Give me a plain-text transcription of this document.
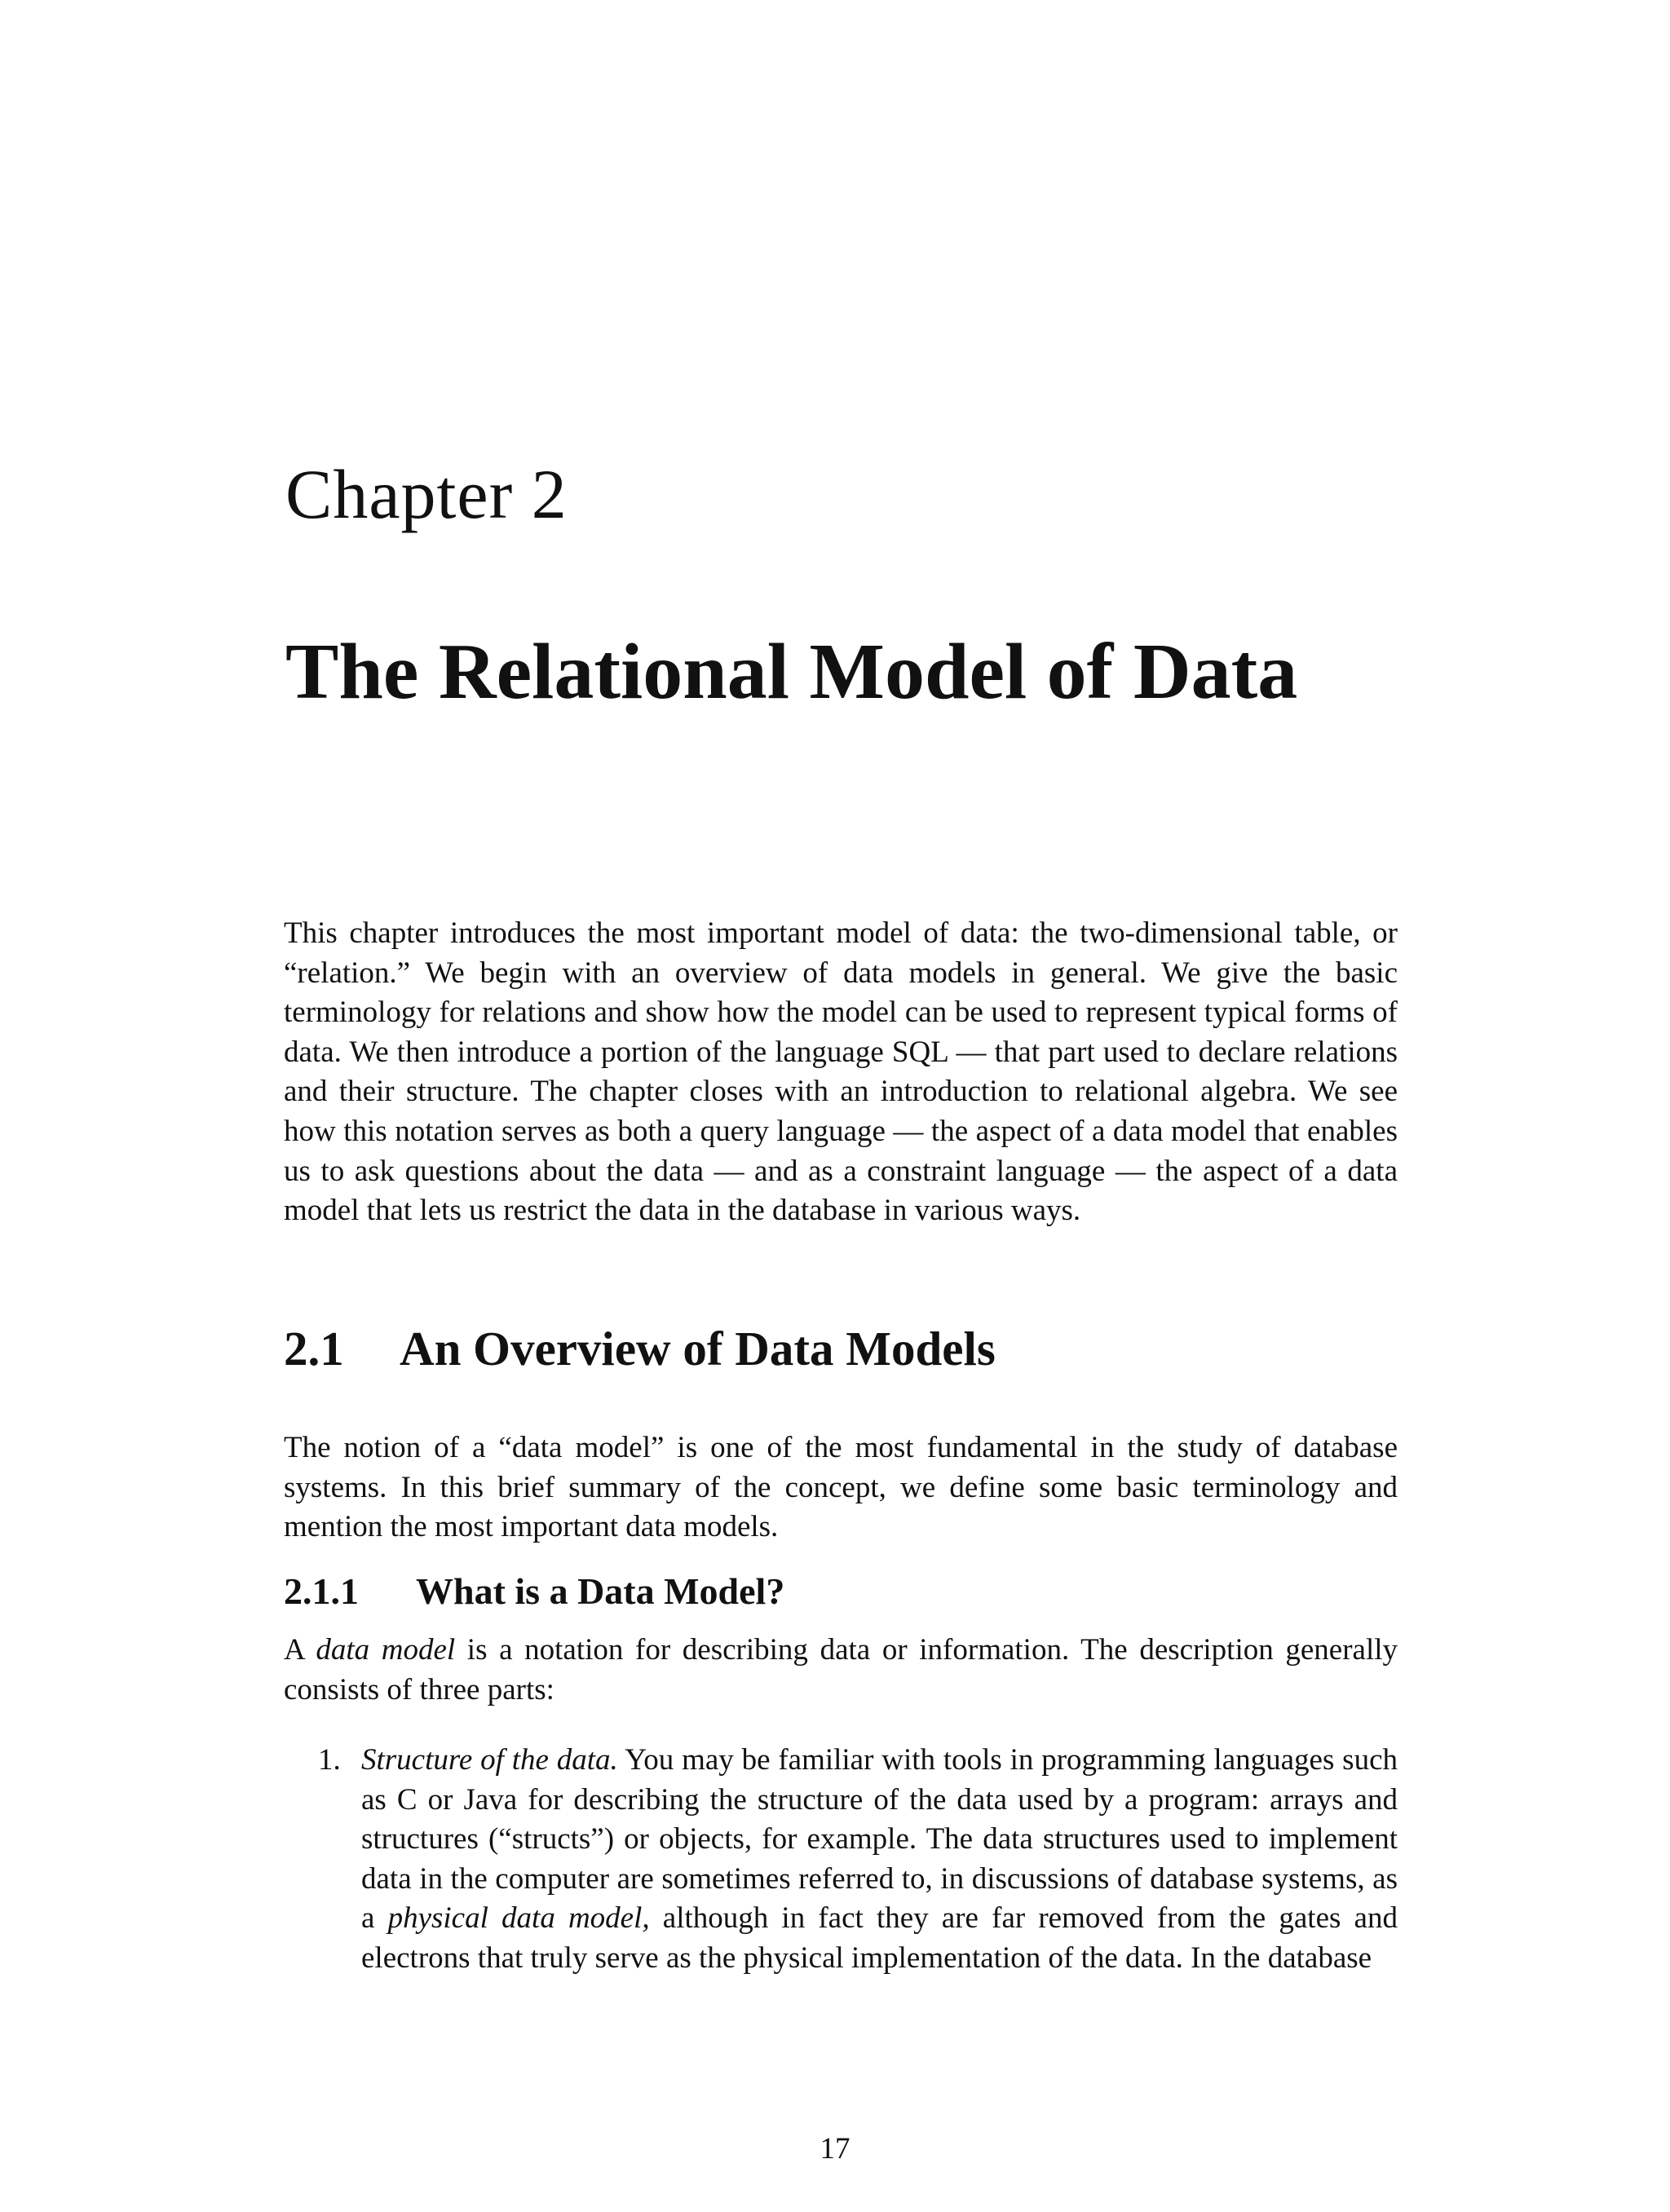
Chapter 2
The Relational Model of Data

This chapter introduces the most important model of data: the two-dimensional table, or “relation.” We begin with an overview of data models in general. We give the basic terminology for relations and show how the model can be used to represent typical forms of data. We then introduce a portion of the language SQL — that part used to declare relations and their structure. The chapter closes with an introduction to relational algebra. We see how this notation serves as both a query language — the aspect of a data model that enables us to ask questions about the data — and as a constraint language — the aspect of a data model that lets us restrict the data in the database in various ways.

2.1 An Overview of Data Models

The notion of a “data model” is one of the most fundamental in the study of database systems. In this brief summary of the concept, we define some basic terminology and mention the most important data models.

2.1.1 What is a Data Model?

A data model is a notation for describing data or information. The description generally consists of three parts:

1. Structure of the data. You may be familiar with tools in programming languages such as C or Java for describing the structure of the data used by a program: arrays and structures (“structs”) or objects, for example. The data structures used to implement data in the computer are sometimes referred to, in discussions of database systems, as a physical data model, although in fact they are far removed from the gates and electrons that truly serve as the physical implementation of the data. In the database

17
